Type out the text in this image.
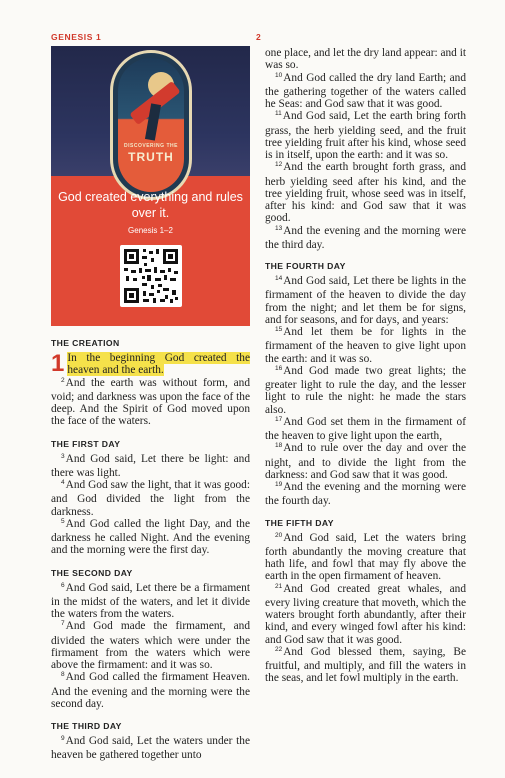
GENESIS 1	2
DISCOVERING THE
TRUTH
God created everything and rules over it.
Genesis 1–2
THE CREATION

1 In the beginning God created the heaven and the earth.

$^2$And the earth was without form, and void; and darkness was upon the face of the deep. And the Spirit of God moved upon the face of the waters.

THE FIRST DAY

$^3$And God said, Let there be light: and there was light.

$^4$And God saw the light, that it was good: and God divided the light from the darkness.

$^5$And God called the light Day, and the darkness he called Night. And the evening and the morning were the first day.

THE SECOND DAY

$^6$And God said, Let there be a firmament in the midst of the waters, and let it divide the waters from the waters.

$^7$And God made the firmament, and divided the waters which were under the firmament from the waters which were above the firmament: and it was so.

$^8$And God called the firmament Heaven. And the evening and the morning were the second day.

THE THIRD DAY

$^9$And God said, Let the waters under the heaven be gathered together unto

one place, and let the dry land appear: and it was so.

$^{10}$And God called the dry land Earth; and the gathering together of the waters called he Seas: and God saw that it was good.

$^{11}$And God said, Let the earth bring forth grass, the herb yielding seed, and the fruit tree yielding fruit after his kind, whose seed is in itself, upon the earth: and it was so.

$^{12}$And the earth brought forth grass, and herb yielding seed after his kind, and the tree yielding fruit, whose seed was in itself, after his kind: and God saw that it was good.

$^{13}$And the evening and the morning were the third day.

THE FOURTH DAY

$^{14}$And God said, Let there be lights in the firmament of the heaven to divide the day from the night; and let them be for signs, and for seasons, and for days, and years:

$^{15}$And let them be for lights in the firmament of the heaven to give light upon the earth: and it was so.

$^{16}$And God made two great lights; the greater light to rule the day, and the lesser light to rule the night: he made the stars also.

$^{17}$And God set them in the firmament of the heaven to give light upon the earth,

$^{18}$And to rule over the day and over the night, and to divide the light from the darkness: and God saw that it was good.

$^{19}$And the evening and the morning were the fourth day.

THE FIFTH DAY

$^{20}$And God said, Let the waters bring forth abundantly the moving creature that hath life, and fowl that may fly above the earth in the open firmament of heaven.

$^{21}$And God created great whales, and every living creature that moveth, which the waters brought forth abundantly, after their kind, and every winged fowl after his kind: and God saw that it was good.

$^{22}$And God blessed them, saying, Be fruitful, and multiply, and fill the waters in the seas, and let fowl multiply in the earth.
